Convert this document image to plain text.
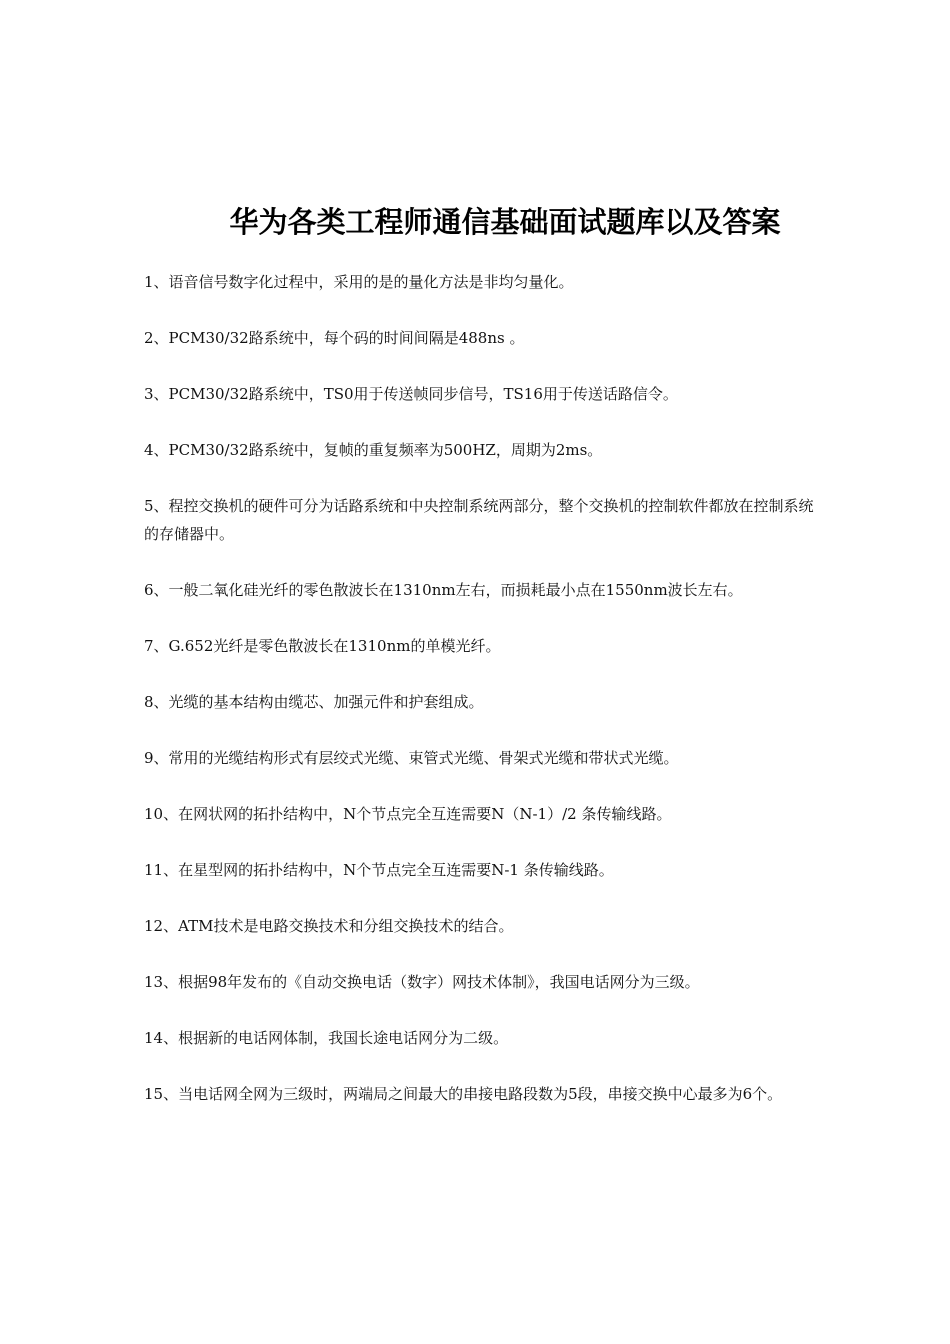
华为各类工程师通信基础面试题库以及答案

1、语音信号数字化过程中，采用的是的量化方法是非均匀量化。

2、PCM30/32路系统中，每个码的时间间隔是488ns 。

3、PCM30/32路系统中，TS0用于传送帧同步信号，TS16用于传送话路信令。

4、PCM30/32路系统中，复帧的重复频率为500HZ，周期为2ms。

5、程控交换机的硬件可分为话路系统和中央控制系统两部分，整个交换机的控制软件都放在控制系统的存储器中。

6、一般二氧化硅光纤的零色散波长在1310nm左右，而损耗最小点在1550nm波长左右。

7、G.652光纤是零色散波长在1310nm的单模光纤。

8、光缆的基本结构由缆芯、加强元件和护套组成。

9、常用的光缆结构形式有层绞式光缆、束管式光缆、骨架式光缆和带状式光缆。

10、在网状网的拓扑结构中，N个节点完全互连需要N（N-1）/2 条传输线路。

11、在星型网的拓扑结构中，N个节点完全互连需要N-1 条传输线路。

12、ATM技术是电路交换技术和分组交换技术的结合。

13、根据98年发布的《自动交换电话（数字）网技术体制》，我国电话网分为三级。

14、根据新的电话网体制，我国长途电话网分为二级。

15、当电话网全网为三级时，两端局之间最大的串接电路段数为5段，串接交换中心最多为6个。
